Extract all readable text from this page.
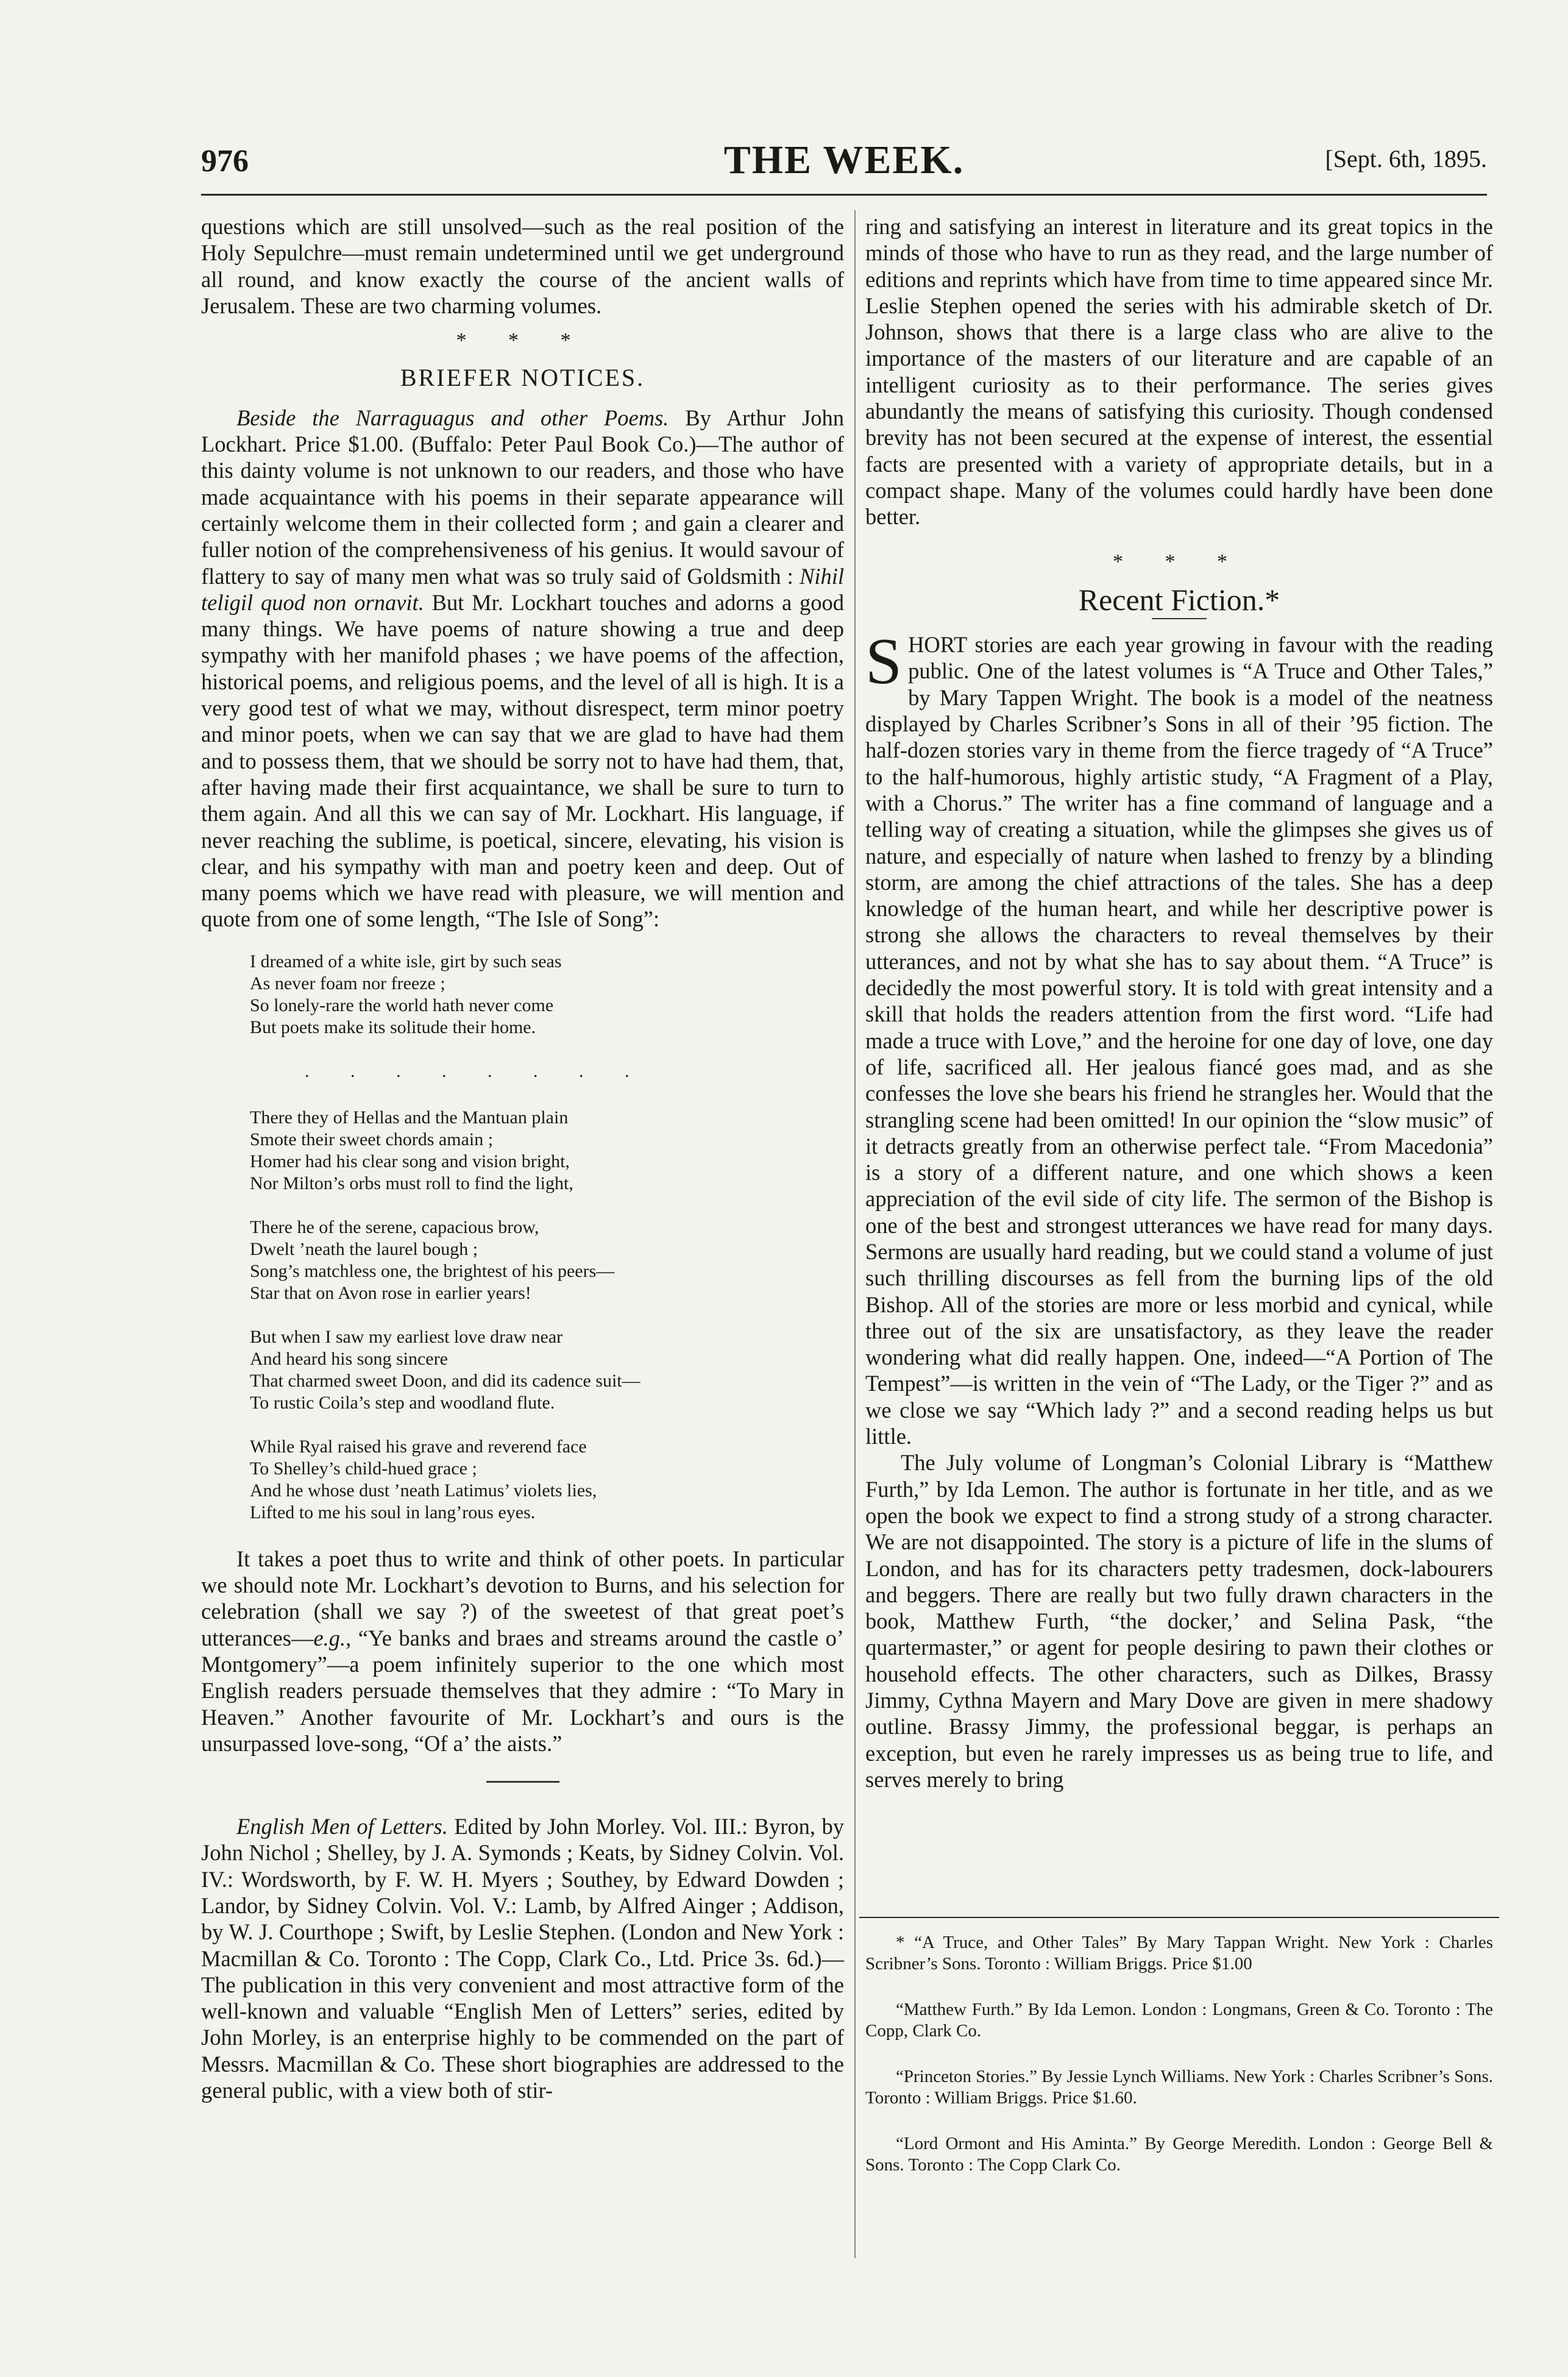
976	THE WEEK.	[Sept. 6th, 1895.

questions which are still unsolved—such as the real position of the Holy Sepulchre—must remain undetermined until we get underground all round, and know exactly the course of the ancient walls of Jerusalem. These are two charming volumes.

* * *
BRIEFER NOTICES.

Beside the Narraguagus and other Poems. By Arthur John Lockhart. Price $1.00. (Buffalo: Peter Paul Book Co.)—The author of this dainty volume is not unknown to our readers, and those who have made acquaintance with his poems in their separate appearance will certainly welcome them in their collected form ; and gain a clearer and fuller notion of the comprehensiveness of his genius. It would savour of flattery to say of many men what was so truly said of Goldsmith : Nihil teligil quod non ornavit. But Mr. Lockhart touches and adorns a good many things. We have poems of nature showing a true and deep sympathy with her manifold phases ; we have poems of the affection, historical poems, and religious poems, and the level of all is high. It is a very good test of what we may, without disrespect, term minor poetry and minor poets, when we can say that we are glad to have had them and to possess them, that we should be sorry not to have had them, that, after having made their first acquaintance, we shall be sure to turn to them again. And all this we can say of Mr. Lockhart. His language, if never reaching the sublime, is poetical, sincere, elevating, his vision is clear, and his sympathy with man and poetry keen and deep. Out of many poems which we have read with pleasure, we will mention and quote from one of some length, “The Isle of Song”:

I dreamed of a white isle, girt by such seas
As never foam nor freeze ;
So lonely-rare the world hath never come
But poets make its solitude their home.
. . . . . . . .
There they of Hellas and the Mantuan plain
Smote their sweet chords amain ;
Homer had his clear song and vision bright,
Nor Milton’s orbs must roll to find the light,
There he of the serene, capacious brow,
Dwelt ’neath the laurel bough ;
Song’s matchless one, the brightest of his peers—
Star that on Avon rose in earlier years!
But when I saw my earliest love draw near
And heard his song sincere
That charmed sweet Doon, and did its cadence suit—
To rustic Coila’s step and woodland flute.
While Ryal raised his grave and reverend face
To Shelley’s child-hued grace ;
And he whose dust ’neath Latimus’ violets lies,
Lifted to me his soul in lang’rous eyes.

It takes a poet thus to write and think of other poets. In particular we should note Mr. Lockhart’s devotion to Burns, and his selection for celebration (shall we say ?) of the sweetest of that great poet’s utterances—e.g., “Ye banks and braes and streams around the castle o’ Montgomery”—a poem infinitely superior to the one which most English readers persuade themselves that they admire : “To Mary in Heaven.” Another favourite of Mr. Lockhart’s and ours is the unsurpassed love-song, “Of a’ the aists.”

English Men of Letters. Edited by John Morley. Vol. III.: Byron, by John Nichol ; Shelley, by J. A. Symonds ; Keats, by Sidney Colvin. Vol. IV.: Wordsworth, by F. W. H. Myers ; Southey, by Edward Dowden ; Landor, by Sidney Colvin. Vol. V.: Lamb, by Alfred Ainger ; Addison, by W. J. Courthope ; Swift, by Leslie Stephen. (London and New York : Macmillan & Co. Toronto : The Copp, Clark Co., Ltd. Price 3s. 6d.)—The publication in this very convenient and most attractive form of the well-known and valuable “English Men of Letters” series, edited by John Morley, is an enterprise highly to be commended on the part of Messrs. Macmillan & Co. These short biographies are addressed to the general public, with a view both of stir-

ring and satisfying an interest in literature and its great topics in the minds of those who have to run as they read, and the large number of editions and reprints which have from time to time appeared since Mr. Leslie Stephen opened the series with his admirable sketch of Dr. Johnson, shows that there is a large class who are alive to the importance of the masters of our literature and are capable of an intelligent curiosity as to their performance. The series gives abundantly the means of satisfying this curiosity. Though condensed brevity has not been secured at the expense of interest, the essential facts are presented with a variety of appropriate details, but in a compact shape. Many of the volumes could hardly have been done better.

* * *
Recent Fiction.*

SHORT stories are each year growing in favour with the reading public. One of the latest volumes is “A Truce and Other Tales,” by Mary Tappen Wright. The book is a model of the neatness displayed by Charles Scribner’s Sons in all of their ’95 fiction. The half-dozen stories vary in theme from the fierce tragedy of “A Truce” to the half-humorous, highly artistic study, “A Fragment of a Play, with a Chorus.” The writer has a fine command of language and a telling way of creating a situation, while the glimpses she gives us of nature, and especially of nature when lashed to frenzy by a blinding storm, are among the chief attractions of the tales. She has a deep knowledge of the human heart, and while her descriptive power is strong she allows the characters to reveal themselves by their utterances, and not by what she has to say about them. “A Truce” is decidedly the most powerful story. It is told with great intensity and a skill that holds the readers attention from the first word. “Life had made a truce with Love,” and the heroine for one day of love, one day of life, sacrificed all. Her jealous fiancé goes mad, and as she confesses the love she bears his friend he strangles her. Would that the strangling scene had been omitted! In our opinion the “slow music” of it detracts greatly from an otherwise perfect tale. “From Macedonia” is a story of a different nature, and one which shows a keen appreciation of the evil side of city life. The sermon of the Bishop is one of the best and strongest utterances we have read for many days. Sermons are usually hard reading, but we could stand a volume of just such thrilling discourses as fell from the burning lips of the old Bishop. All of the stories are more or less morbid and cynical, while three out of the six are unsatisfactory, as they leave the reader wondering what did really happen. One, indeed—“A Portion of The Tempest”—is written in the vein of “The Lady, or the Tiger ?” and as we close we say “Which lady ?” and a second reading helps us but little.

The July volume of Longman’s Colonial Library is “Matthew Furth,” by Ida Lemon. The author is fortunate in her title, and as we open the book we expect to find a strong study of a strong character. We are not disappointed. The story is a picture of life in the slums of London, and has for its characters petty tradesmen, dock-labourers and beggers. There are really but two fully drawn characters in the book, Matthew Furth, “the docker,’ and Selina Pask, “the quartermaster,” or agent for people desiring to pawn their clothes or household effects. The other characters, such as Dilkes, Brassy Jimmy, Cythna Mayern and Mary Dove are given in mere shadowy outline. Brassy Jimmy, the professional beggar, is perhaps an exception, but even he rarely impresses us as being true to life, and serves merely to bring

* “A Truce, and Other Tales” By Mary Tappan Wright. New York : Charles Scribner’s Sons. Toronto : William Briggs. Price $1.00

“Matthew Furth.” By Ida Lemon. London : Longmans, Green & Co. Toronto : The Copp, Clark Co.

“Princeton Stories.” By Jessie Lynch Williams. New York : Charles Scribner’s Sons. Toronto : William Briggs. Price $1.60.

“Lord Ormont and His Aminta.” By George Meredith. London : George Bell & Sons. Toronto : The Copp Clark Co.
